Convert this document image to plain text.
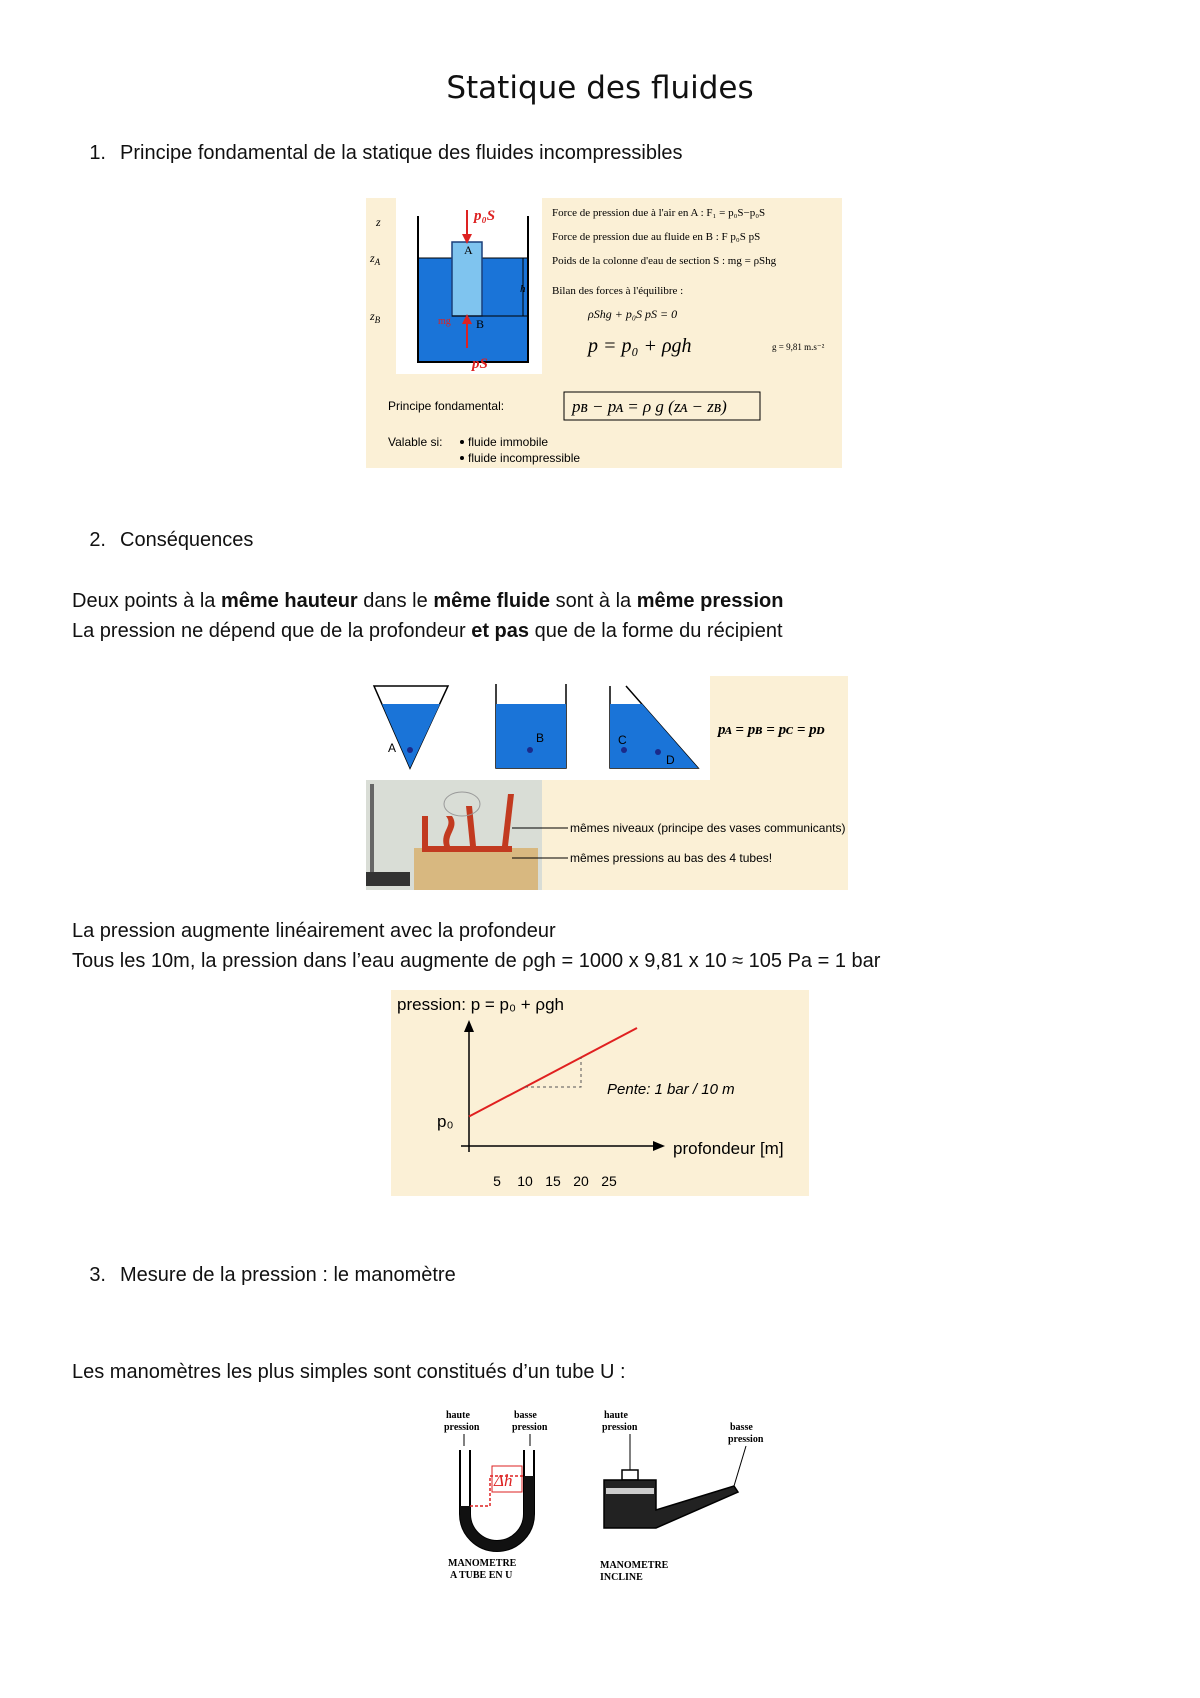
Statique des fluides
1. Principe fondamental de la statique des fluides incompressibles
p₀S
pS
A
B
mg
h
z
$z_A$
$z_B$
Force de pression due à l'air en A : F₁ = p₀S−p₀S
Force de pression due au fluide en B : F p₀S pS
Poids de la colonne d'eau de section S : mg = ρShg
Bilan des forces à l'équilibre :
ρShg + p₀S pS = 0
p = p₀ + ρgh	g = 9,81 m.s⁻²
Principe fondamental:	pʙ − pᴀ = ρ g (zᴀ − zʙ)
Valable si: fluide immobile
fluide incompressible
2. Conséquences
Deux points à la même hauteur dans le même fluide sont à la même pression
La pression ne dépend que de la profondeur et pas que de la forme du récipient
A
B	C
D
pᴀ = pʙ = pᴄ = pᴅ
mêmes niveaux (principe des vases communicants)
mêmes pressions au bas des 4 tubes!
La pression augmente linéairement avec la profondeur
Tous les 10m, la pression dans l’eau augmente de ρgh = 1000 x 9,81 x 10 ≈ 105 Pa = 1 bar
pression: p = p₀ + ρgh
Pente: 1 bar / 10 m
p₀
profondeur [m]
5 10 15 20 25
3. Mesure de la pression : le manomètre
Les manomètres les plus simples sont constitués d’un tube U :
haute
pression
basse
pression
Δh
MANOMETRE
A TUBE EN U
haute
pression	basse
pression
MANOMETRE
INCLINE
